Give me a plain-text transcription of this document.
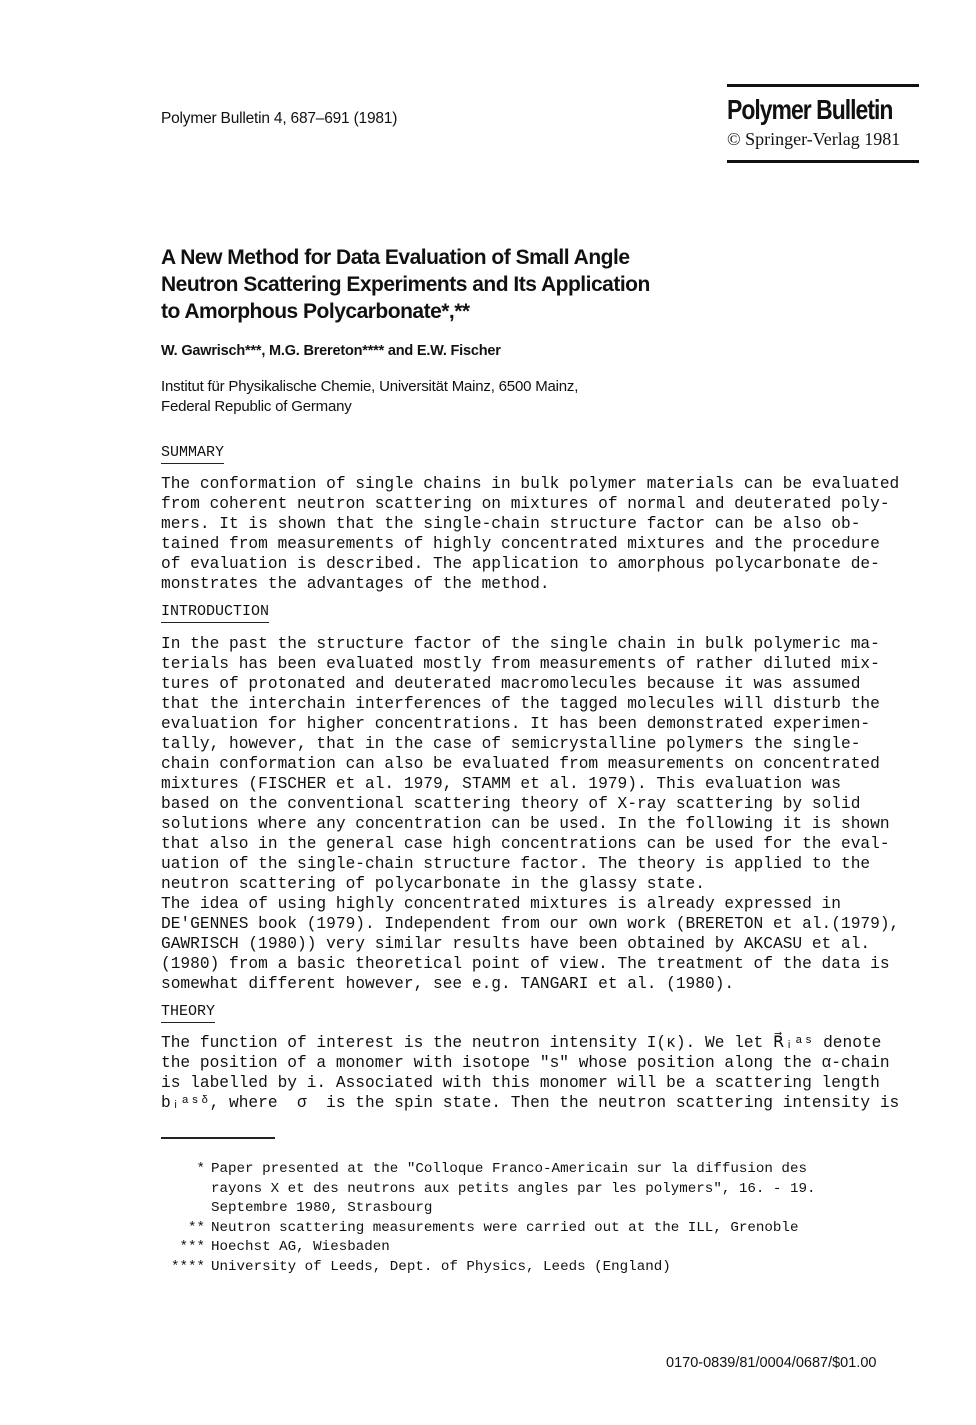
Polymer Bulletin 4, 687–691 (1981)	Polymer Bulletin
© Springer-Verlag 1981
A New Method for Data Evaluation of Small Angle
Neutron Scattering Experiments and Its Application
to Amorphous Polycarbonate*,**
W. Gawrisch***, M.G. Brereton**** and E.W. Fischer
Institut für Physikalische Chemie, Universität Mainz, 6500 Mainz,
Federal Republic of Germany
SUMMARY
The conformation of single chains in bulk polymer materials can be evaluated
from coherent neutron scattering on mixtures of normal and deuterated poly-
mers. It is shown that the single-chain structure factor can be also ob-
tained from measurements of highly concentrated mixtures and the procedure
of evaluation is described. The application to amorphous polycarbonate de-
monstrates the advantages of the method.
INTRODUCTION
In the past the structure factor of the single chain in bulk polymeric ma-
terials has been evaluated mostly from measurements of rather diluted mix-
tures of protonated and deuterated macromolecules because it was assumed
that the interchain interferences of the tagged molecules will disturb the
evaluation for higher concentrations. It has been demonstrated experimen-
tally, however, that in the case of semicrystalline polymers the single-
chain conformation can also be evaluated from measurements on concentrated
mixtures (FISCHER et al. 1979, STAMM et al. 1979). This evaluation was
based on the conventional scattering theory of X-ray scattering by solid
solutions where any concentration can be used. In the following it is shown
that also in the general case high concentrations can be used for the eval-
uation of the single-chain structure factor. The theory is applied to the
neutron scattering of polycarbonate in the glassy state.
The idea of using highly concentrated mixtures is already expressed in
DE'GENNES book (1979). Independent from our own work (BRERETON et al.(1979),
GAWRISCH (1980)) very similar results have been obtained by AKCASU et al.
(1980) from a basic theoretical point of view. The treatment of the data is
somewhat different however, see e.g. TANGARI et al. (1980).
THEORY
The function of interest is the neutron intensity I(κ). We let R⃗ᵢᵃˢ denote
the position of a monomer with isotope "s" whose position along the α-chain
is labelled by i. Associated with this monomer will be a scattering length
bᵢᵃˢᵟ, where  σ  is the spin state. Then the neutron scattering intensity is
* Paper presented at the "Colloque Franco-Americain sur la diffusion des
rayons X et des neutrons aux petits angles par les polymers", 16. - 19.
Septembre 1980, Strasbourg
** Neutron scattering measurements were carried out at the ILL, Grenoble
*** Hoechst AG, Wiesbaden
**** University of Leeds, Dept. of Physics, Leeds (England)
0170-0839/81/0004/0687/$01.00
